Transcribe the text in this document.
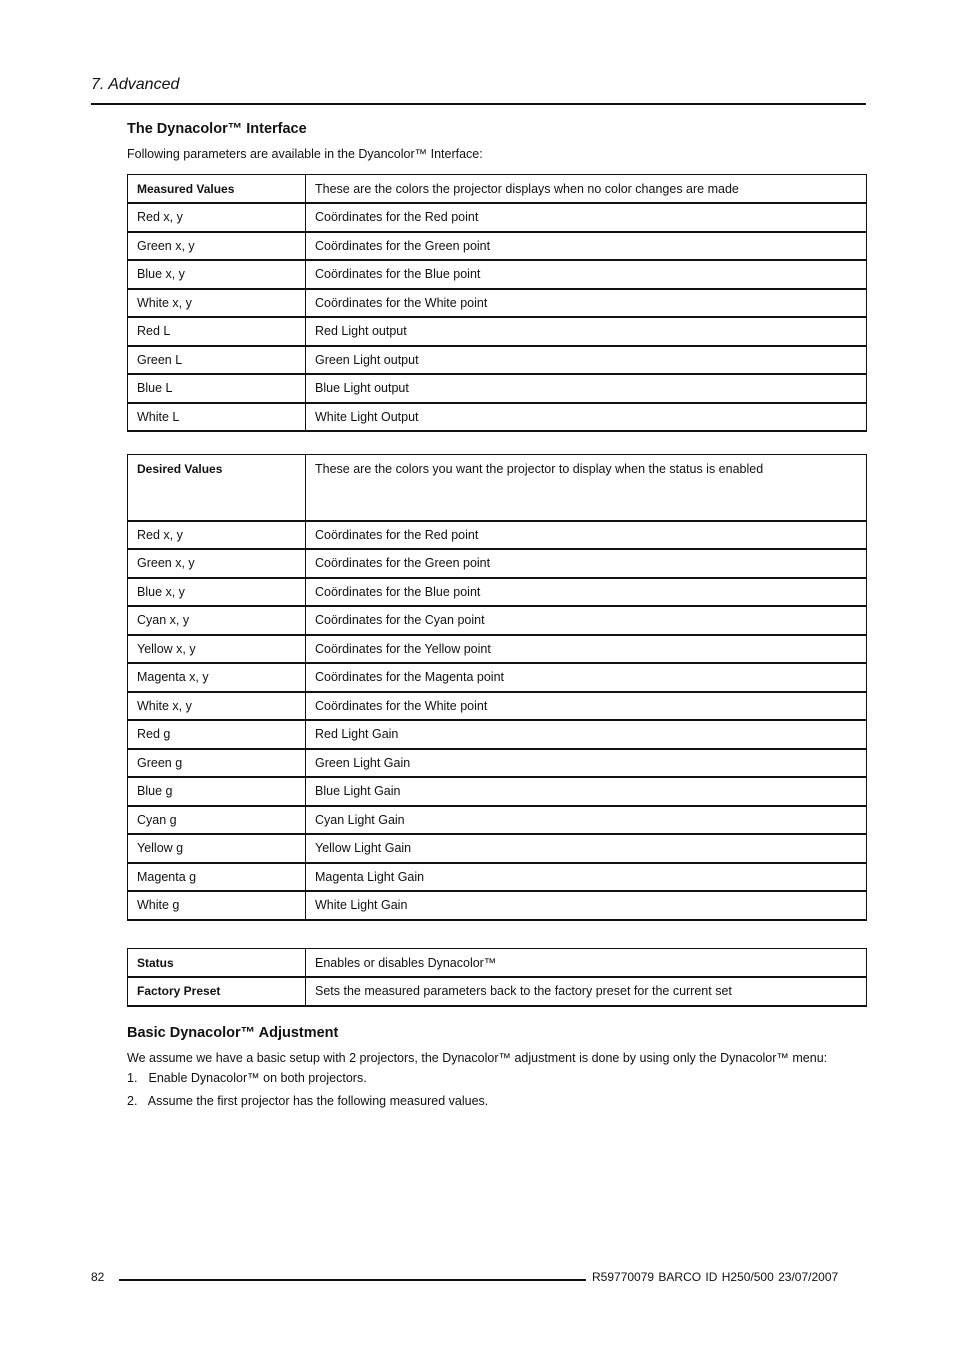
7. Advanced
The Dynacolor™ Interface
Following parameters are available in the Dyancolor™ Interface:
Measured Values	These are the colors the projector displays when no color changes are made
Red x, y	Coördinates for the Red point
Green x, y	Coördinates for the Green point
Blue x, y	Coördinates for the Blue point
White x, y	Coördinates for the White point
Red L	Red Light output
Green L	Green Light output
Blue L	Blue Light output
White L	White Light Output
Desired Values	These are the colors you want the projector to display when the status is enabled
Red x, y	Coördinates for the Red point
Green x, y	Coördinates for the Green point
Blue x, y	Coördinates for the Blue point
Cyan x, y	Coördinates for the Cyan point
Yellow x, y	Coördinates for the Yellow point
Magenta x, y	Coördinates for the Magenta point
White x, y	Coördinates for the White point
Red g	Red Light Gain
Green g	Green Light Gain
Blue g	Blue Light Gain
Cyan g	Cyan Light Gain
Yellow g	Yellow Light Gain
Magenta g	Magenta Light Gain
White g	White Light Gain
Status	Enables or disables Dynacolor™
Factory Preset	Sets the measured parameters back to the factory preset for the current set
Basic Dynacolor™ Adjustment
We assume we have a basic setup with 2 projectors, the Dynacolor™ adjustment is done by using only the Dynacolor™ menu:
1. Enable Dynacolor™ on both projectors.
2. Assume the first projector has the following measured values.
82	R59770079 BARCO ID H250/500 23/07/2007
